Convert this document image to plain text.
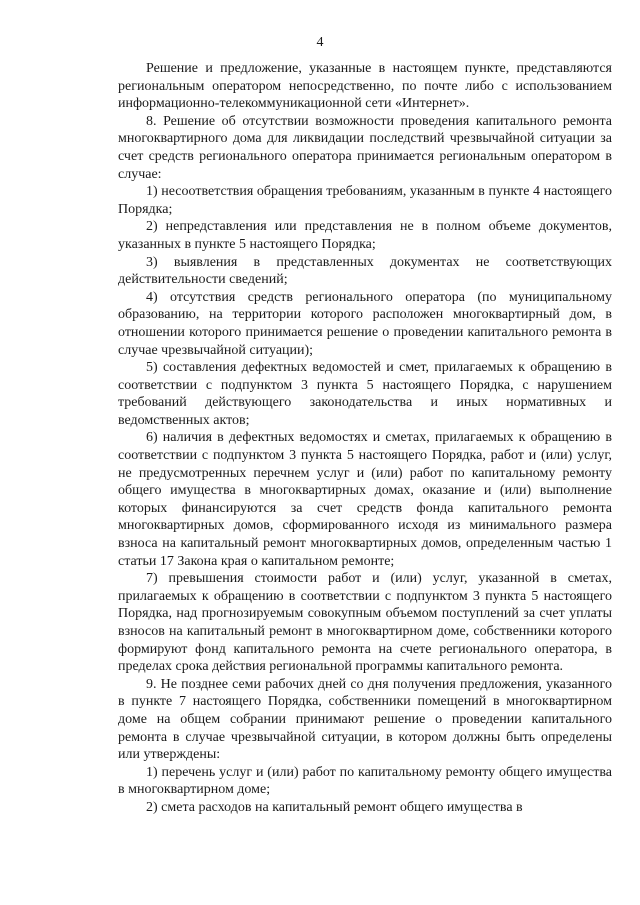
4

Решение и предложение, указанные в настоящем пункте, представляются региональным оператором непосредственно, по почте либо с использованием информационно-телекоммуникационной сети «Интернет».

8. Решение об отсутствии возможности проведения капитального ремонта многоквартирного дома для ликвидации последствий чрезвычайной ситуации за счет средств регионального оператора принимается региональным оператором в случае:

1) несоответствия обращения требованиям, указанным в пункте 4 настоящего Порядка;

2) непредставления или представления не в полном объеме документов, указанных в пункте 5 настоящего Порядка;

3) выявления в представленных документах не соответствующих действительности сведений;

4) отсутствия средств регионального оператора (по муниципальному образованию, на территории которого расположен многоквартирный дом, в отношении которого принимается решение о проведении капитального ремонта в случае чрезвычайной ситуации);

5) составления дефектных ведомостей и смет, прилагаемых к обращению в соответствии с подпунктом 3 пункта 5 настоящего Порядка, с нарушением требований действующего законодательства и иных нормативных и ведомственных актов;

6) наличия в дефектных ведомостях и сметах, прилагаемых к обращению в соответствии с подпунктом 3 пункта 5 настоящего Порядка, работ и (или) услуг, не предусмотренных перечнем услуг и (или) работ по капитальному ремонту общего имущества в многоквартирных домах, оказание и (или) выполнение которых финансируются за счет средств фонда капитального ремонта многоквартирных домов, сформированного исходя из минимального размера взноса на капитальный ремонт многоквартирных домов, определенным частью 1 статьи 17 Закона края о капитальном ремонте;

7) превышения стоимости работ и (или) услуг, указанной в сметах, прилагаемых к обращению в соответствии с подпунктом 3 пункта 5 настоящего Порядка, над прогнозируемым совокупным объемом поступлений за счет уплаты взносов на капитальный ремонт в многоквартирном доме, собственники которого формируют фонд капитального ремонта на счете регионального оператора, в пределах срока действия региональной программы капитального ремонта.

9. Не позднее семи рабочих дней со дня получения предложения, указанного в пункте 7 настоящего Порядка, собственники помещений в многоквартирном доме на общем собрании принимают решение о проведении капитального ремонта в случае чрезвычайной ситуации, в котором должны быть определены или утверждены:

1) перечень услуг и (или) работ по капитальному ремонту общего имущества в многоквартирном доме;

2) смета расходов на капитальный ремонт общего имущества в
